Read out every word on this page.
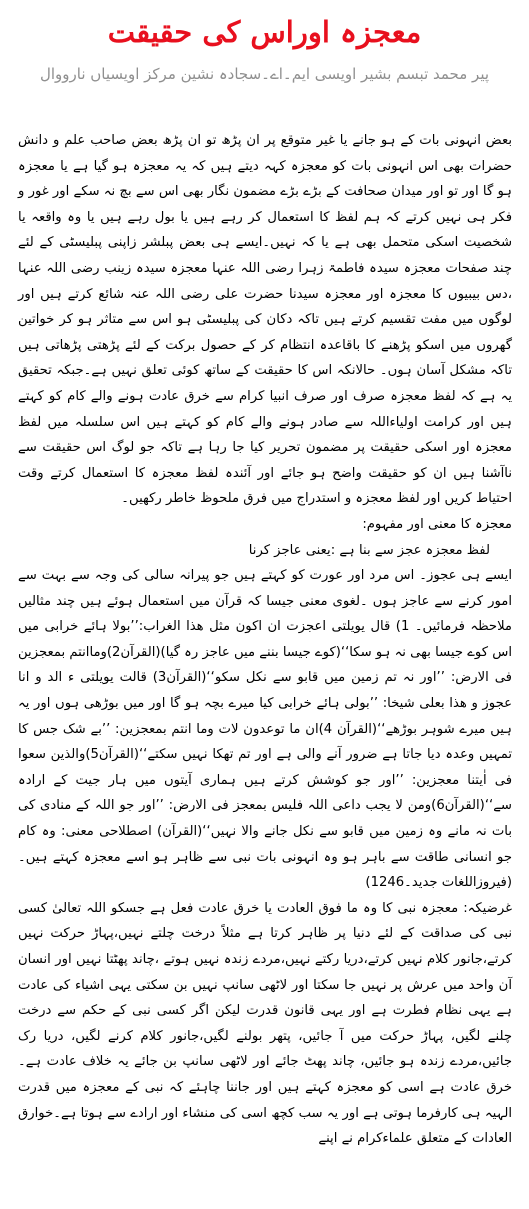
معجزہ اوراس کی حقیقت
پیر محمد تبسم بشیر اویسی ایم۔اے۔سجادہ نشین مرکز اویسیاں نارووال

بعض انہونی بات کے ہو جانے یا غیر متوقع پر ان پڑھ تو ان پڑھ بعض صاحب علم و دانش حضرات بھی اس انہونی بات کو معجزہ کہہ دیتے ہیں کہ یہ معجزہ ہو گیا ہے یا معجزہ ہو گا اور تو اور میدان صحافت کے بڑے بڑے مضمون نگار بھی اس سے بچ نہ سکے اور غور و فکر ہی نہیں کرتے کہ ہم لفظ کا استعمال کر رہے ہیں یا بول رہے ہیں یا وہ واقعہ یا شخصیت اسکی متحمل بھی ہے یا کہ نہیں۔ایسے ہی بعض پبلشر زاپنی پبلیسٹی کے لئے چند صفحات معجزہ سیدہ فاطمۃ زہرا رضی اللہ عنہا معجزہ سیدہ زینب رضی اللہ عنہا ،دس بیبیوں کا معجزہ اور معجزہ سیدنا حضرت علی رضی اللہ عنہ شائع کرتے ہیں اور لوگوں میں مفت تقسیم کرتے ہیں تاکہ دکان کی پبلیسٹی ہو اس سے متاثر ہو کر خواتین گھروں میں اسکو پڑھنے کا باقاعدہ انتظام کر کے حصول برکت کے لئے پڑھتی پڑھاتی ہیں تاکہ مشکل آسان ہوں۔ حالانکہ اس کا حقیقت کے ساتھ کوئی تعلق نہیں ہے۔جبکہ تحقیق یہ ہے کہ لفظ معجزہ صرف اور صرف انبیا کرام سے خرق عادت ہونے والے کام کو کہتے ہیں اور کرامت اولیاءاللہ سے صادر ہونے والے کام کو کہتے ہیں اس سلسلہ میں لفظ معجزہ اور اسکی حقیقت پر مضمون تحریر کیا جا رہا ہے تاکہ جو لوگ اس حقیقت سے ناآشنا ہیں ان کو حقیقت واضح ہو جائے اور آئندہ لفظ معجزہ کا استعمال کرتے وقت احتیاط کریں اور لفظ معجزہ و استدراج میں فرق ملحوظ خاطر رکھیں۔

معجزہ کا معنی اور مفہوم:

لفظ معجزہ عجز سے بنا ہے :یعنی عاجز کرنا

ایسے ہی عجوز۔ اس مرد اور عورت کو کہتے ہیں جو پیرانہ سالی کی وجہ سے بہت سے امور کرنے سے عاجز ہوں ۔لغوی معنی جیسا کہ قرآن میں استعمال ہوئے ہیں چند مثالیں ملاحظہ فرمائیں۔ 1) قال یویلتی اعجزت ان اکون مثل ھذا الغراب:’’بولا ہائے خرابی میں اس کوے جیسا بھی نہ ہو سکا‘‘(کوے جیسا بننے میں عاجز رہ گیا)(القرآن2)وماانتم بمعجزین فی الارض: ’’اور نہ تم زمین میں قابو سے نکل سکو‘‘(القرآن3) قالت یویلتی ء الد و انا عجوز و ھذا بعلی شیخا: ’’بولی ہائے خرابی کیا میرے بچہ ہو گا اور میں بوڑھی ہوں اور یہ ہیں میرے شوہر بوڑھے‘‘(القرآن 4)ان ما توعدون لات وما انتم بمعجزین: ’’بے شک جس کا تمہیں وعدہ دیا جاتا ہے ضرور آنے والی ہے اور تم تھکا نہیں سکتے‘‘(القرآن5)والذین سعوا فی اٰیتنا معجزین: ’’اور جو کوشش کرتے ہیں ہماری آیتوں میں ہار جیت کے ارادہ سے‘‘(القرآن6)ومن لا یجب داعی اللہ فلیس بمعجز فی الارض: ’’اور جو اللہ کے منادی کی بات نہ مانے وہ زمین میں قابو سے نکل جانے والا نہیں‘‘(القرآن) اصطلاحی معنی: وہ کام جو انسانی طاقت سے باہر ہو وہ انہونی بات نبی سے ظاہر ہو اسے معجزہ کہتے ہیں۔(فیروزاللغات جدید۔1246)

غرضیکہ: معجزہ نبی کا وہ ما فوق العادت یا خرق عادت فعل ہے جسکو اللہ تعالیٰ کسی نبی کی صداقت کے لئے دنیا پر ظاہر کرتا ہے مثلاً درخت چلتے نہیں،پہاڑ حرکت نہیں کرتے،جانور کلام نہیں کرتے،دریا رکتے نہیں،مردے زندہ نہیں ہوتے ،چاند پھٹتا نہیں اور انسان آن واحد میں عرش پر نہیں جا سکتا اور لاٹھی سانپ نہیں بن سکتی یہی اشیاء کی عادت ہے یہی نظام فطرت ہے اور یہی قانون قدرت لیکن اگر کسی نبی کے حکم سے درخت چلنے لگیں، پہاڑ حرکت میں آ جائیں، پتھر بولنے لگیں،جانور کلام کرنے لگیں، دریا رک جائیں،مردے زندہ ہو جائیں، چاند پھٹ جائے اور لاٹھی سانپ بن جائے یہ خلاف عادت ہے۔خرق عادت ہے اسی کو معجزہ کہتے ہیں اور جاننا چاہئے کہ نبی کے معجزہ میں قدرت الہیہ ہی کارفرما ہوتی ہے اور یہ سب کچھ اسی کی منشاء اور ارادے سے ہوتا ہے۔خوارق العادات کے متعلق علماءکرام نے اپنے
